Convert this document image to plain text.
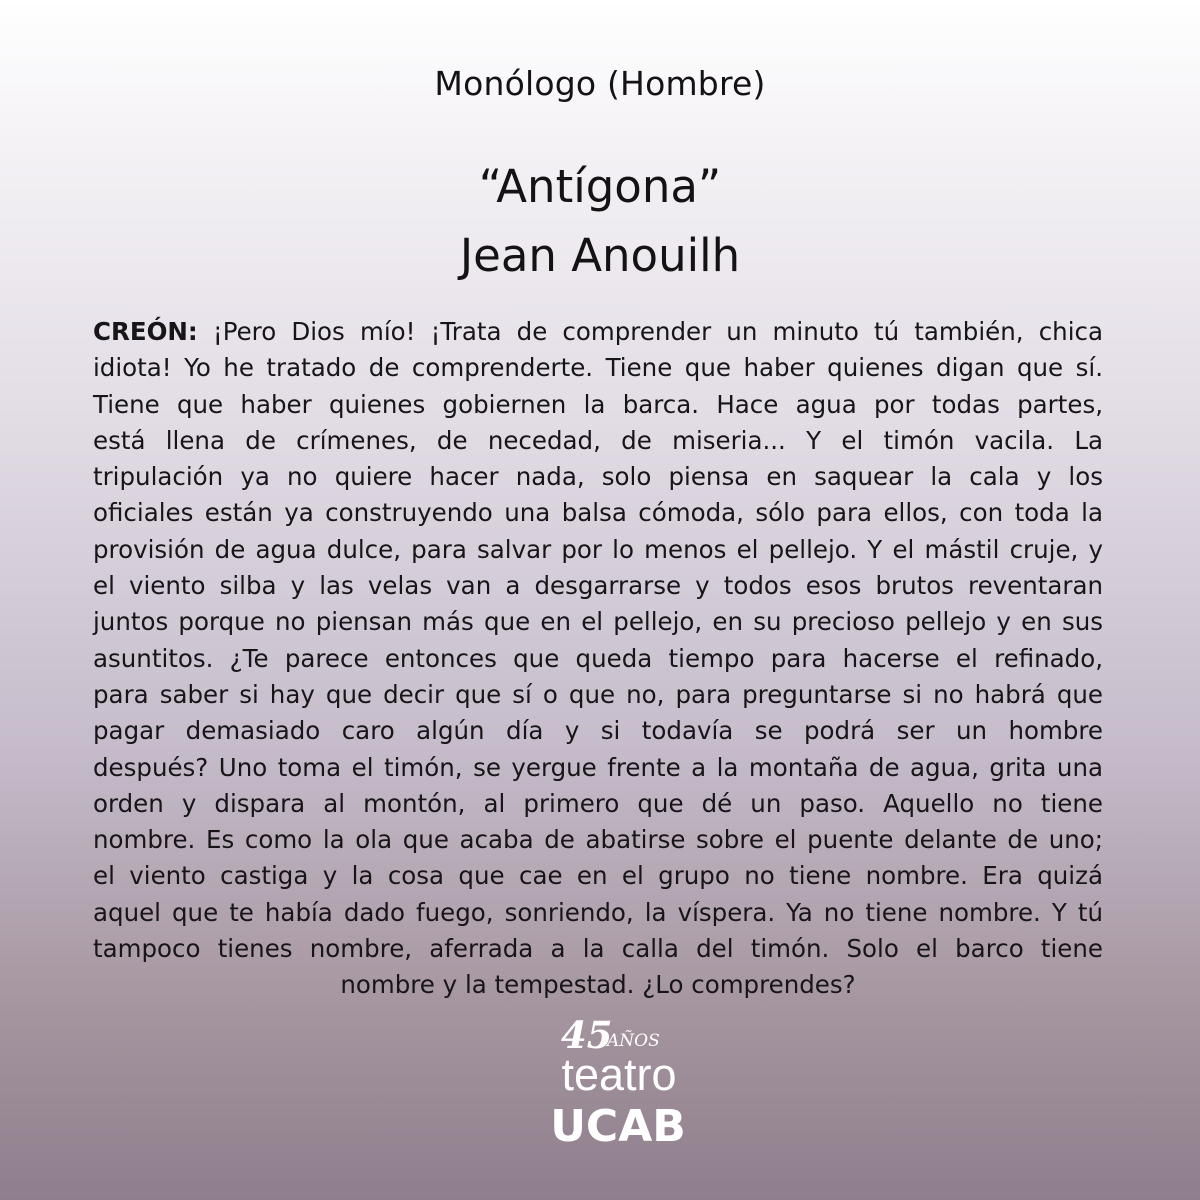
Monólogo (Hombre)
“Antígona”
Jean Anouilh
CREÓN: ¡Pero Dios mío! ¡Trata de comprender un minuto tú también, chica
idiota! Yo he tratado de comprenderte. Tiene que haber quienes digan que sí.
Tiene que haber quienes gobiernen la barca. Hace agua por todas partes,
está llena de crímenes, de necedad, de miseria... Y el timón vacila. La
tripulación ya no quiere hacer nada, solo piensa en saquear la cala y los
oficiales están ya construyendo una balsa cómoda, sólo para ellos, con toda la
provisión de agua dulce, para salvar por lo menos el pellejo. Y el mástil cruje, y
el viento silba y las velas van a desgarrarse y todos esos brutos reventaran
juntos porque no piensan más que en el pellejo, en su precioso pellejo y en sus
asuntitos. ¿Te parece entonces que queda tiempo para hacerse el refinado,
para saber si hay que decir que sí o que no, para preguntarse si no habrá que
pagar demasiado caro algún día y si todavía se podrá ser un hombre
después? Uno toma el timón, se yergue frente a la montaña de agua, grita una
orden y dispara al montón, al primero que dé un paso. Aquello no tiene
nombre. Es como la ola que acaba de abatirse sobre el puente delante de uno;
el viento castiga y la cosa que cae en el grupo no tiene nombre. Era quizá
aquel que te había dado fuego, sonriendo, la víspera. Ya no tiene nombre. Y tú
tampoco tienes nombre, aferrada a la calla del timón. Solo el barco tiene
nombre y la tempestad. ¿Lo comprendes?
45
AÑOS
teatro
UCAB
